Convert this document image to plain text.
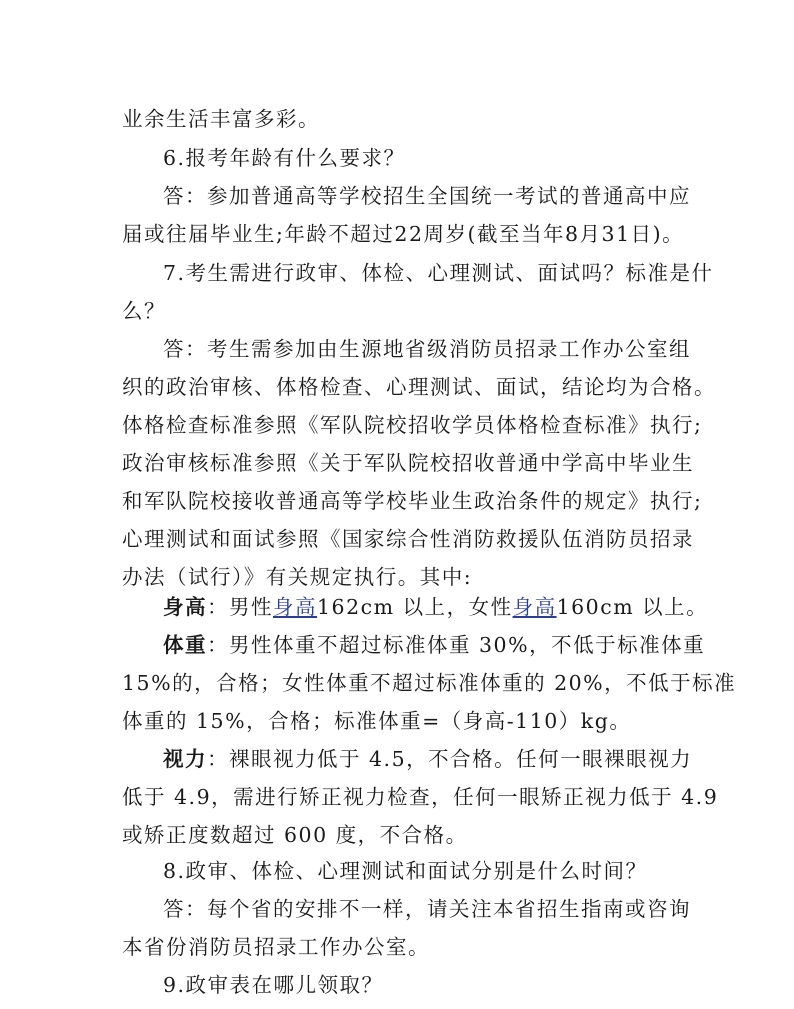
业余生活丰富多彩。
6.报考年龄有什么要求？
答：参加普通高等学校招生全国统一考试的普通高中应
届或往届毕业生;年龄不超过22周岁(截至当年8月31日)。
7.考生需进行政审、体检、心理测试、面试吗？标准是什
么？
答：考生需参加由生源地省级消防员招录工作办公室组
织的政治审核、体格检查、心理测试、面试，结论均为合格。
体格检查标准参照《军队院校招收学员体格检查标准》执行;
政治审核标准参照《关于军队院校招收普通中学高中毕业生
和军队院校接收普通高等学校毕业生政治条件的规定》执行;
心理测试和面试参照《国家综合性消防救援队伍消防员招录
办法（试行）》有关规定执行。其中:
身高：男性身高162cm 以上，女性身高160cm 以上。
体重：男性体重不超过标准体重 30%，不低于标准体重
15%的，合格；女性体重不超过标准体重的 20%，不低于标准
体重的 15%，合格；标准体重=（身高-110）kg。
视力：裸眼视力低于 4.5，不合格。任何一眼裸眼视力
低于 4.9，需进行矫正视力检查，任何一眼矫正视力低于 4.9
或矫正度数超过 600 度，不合格。
8.政审、体检、心理测试和面试分别是什么时间？
答：每个省的安排不一样，请关注本省招生指南或咨询
本省份消防员招录工作办公室。
9.政审表在哪儿领取？
